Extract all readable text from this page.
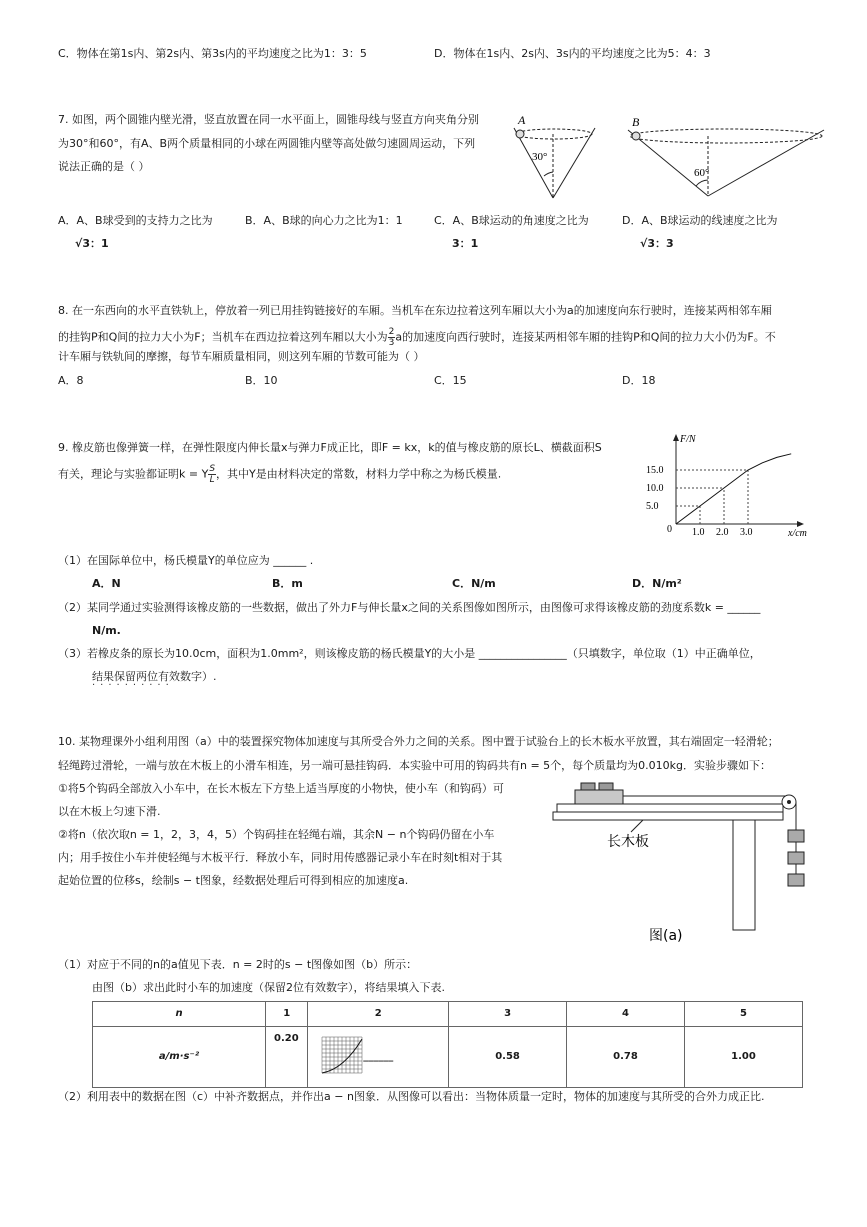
C．物体在第1s内、第2s内、第3s内的平均速度之比为1：3：5	D．物体在1s内、2s内、3s内的平均速度之比为5：4：3
7. 如图，两个圆锥内壁光滑，竖直放置在同一水平面上，圆锥母线与竖直方向夹角分别
为30°和60°，有A、B两个质量相同的小球在两圆锥内壁等高处做匀速圆周运动，下列
说法正确的是（ ）
A
30°
B
60°
A．A、B球受到的支持力之比为
√3：1
B．A、B球的向心力之比为1：1	C．A、B球运动的角速度之比为
3：1
D．A、B球运动的线速度之比为
√3：3
8. 在一东西向的水平直铁轨上，停放着一列已用挂钩链接好的车厢。当机车在东边拉着这列车厢以大小为a的加速度向东行驶时，连接某两相邻车厢
的挂钩P和Q间的拉力大小为F；当机车在西边拉着这列车厢以大小为 $\frac{2}{3}$ a的加速度向西行驶时，连接某两相邻车厢的挂钩P和Q间的拉力大小仍为F。不
计车厢与铁轨间的摩擦，每节车厢质量相同，则这列车厢的节数可能为（ ）
A．8	B．10	C．15	D．18
9. 橡皮筋也像弹簧一样，在弹性限度内伸长量x与弹力F成正比，即F = kx，k的值与橡皮筋的原长L、横截面积S
有关，理论与实验都证明k = Y $\frac{S}{L}$ ，其中Y是由材料决定的常数，材料力学中称之为杨氏模量.
F/N
x/cm
0 1.0 2.0 3.0
5.0
10.0
15.0
（1）在国际单位中，杨氏模量Y的单位应为 ______ .
A．N	B．m	C．N/m	D．N/m²
（2）某同学通过实验测得该橡皮筋的一些数据，做出了外力F与伸长量x之间的关系图像如图所示，由图像可求得该橡皮筋的劲度系数k = ______
N/m.
（3）若橡皮条的原长为10.0cm，面积为1.0mm²，则该橡皮筋的杨氏模量Y的大小是 ________________（只填数字，单位取（1）中正确单位，
结果保留两位有效数字）.
··········
10. 某物理课外小组利用图（a）中的装置探究物体加速度与其所受合外力之间的关系。图中置于试验台上的长木板水平放置，其右端固定一轻滑轮；
轻绳跨过滑轮，一端与放在木板上的小滑车相连，另一端可悬挂钩码．本实验中可用的钩码共有n = 5个，每个质量均为0.010kg．实验步骤如下：
①将5个钩码全部放入小车中，在长木板左下方垫上适当厚度的小物快，使小车（和钩码）可
以在木板上匀速下滑.
②将n（依次取n = 1，2，3，4，5）个钩码挂在轻绳右端，其余N − n个钩码仍留在小车
内；用手按住小车并使轻绳与木板平行．释放小车，同时用传感器记录小车在时刻t相对于其
起始位置的位移s，绘制s − t图象，经数据处理后可得到相应的加速度a.
长木板
图(a)
（1）对应于不同的n的a值见下表．n = 2时的s − t图像如图（b）所示：
由图（b）求出此时小车的加速度（保留2位有效数字），将结果填入下表.
n	1	2	3	4	5
a/m·s⁻²	0.20	______	0.58	0.78	1.00
（2）利用表中的数据在图（c）中补齐数据点，并作出a − n图象．从图像可以看出：当物体质量一定时，物体的加速度与其所受的合外力成正比.
